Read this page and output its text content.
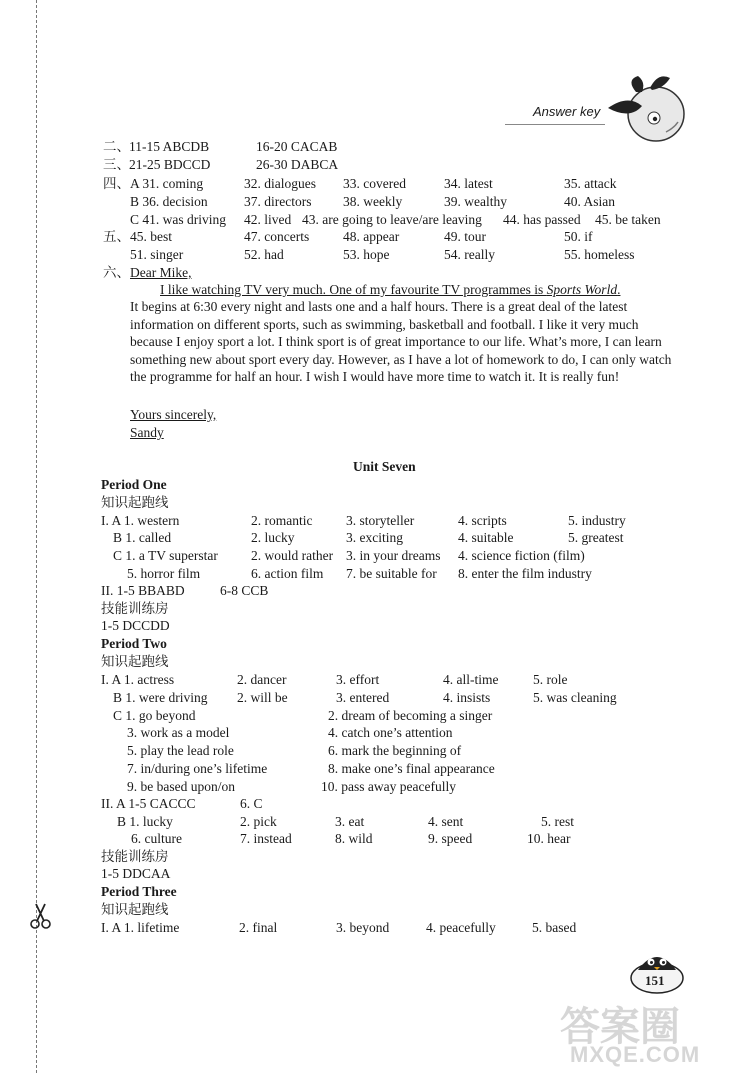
Answer key
二、 11-15 ABCDB	16-20 CACAB
三、 21-25 BDCCD	26-30 DABCA
四、 A 31. coming	32. dialogues 33. covered	34. latest	35. attack
B 36. decision	37. directors 38. weekly	39. wealthy	40. Asian
C 41. was driving 42. lived 43. are going to leave/are leaving 44. has passed 45. be taken
五、 45. best	47. concerts	48. appear	49. tour	50. if
51. singer	52. had	53. hope	54. really	55. homeless
六、 Dear Mike,
I like watching TV very much. One of my favourite TV programmes is Sports World.

It begins at 6:30 every night and lasts one and a half hours. There is a great deal of the latest information on different sports, such as swimming, basketball and football. I like it very much because I enjoy sport a lot. I think sport is of great importance to our life. What’s more, I can learn something new about sport every day. However, as I have a lot of homework to do, I can only watch the programme for half an hour. I wish I would have more time to watch it. It is really fun!

Yours sincerely,
Sandy
Unit Seven
Period One
知识起跑线
I. A 1. western	2. romantic 3. storyteller	4. scripts	5. industry
B 1. called	2. lucky	3. exciting	4. suitable	5. greatest
C 1. a TV superstar 2. would rather 3. in your dreams 4. science fiction (film)
5. horror film	6. action film 7. be suitable for 8. enter the film industry
II. 1-5 BBABD	6-8 CCB
技能训练房
1-5 DCCDD
Period Two
知识起跑线
I. A 1. actress	2. dancer	3. effort	4. all-time	5. role
B 1. were driving 2. will be	3. entered	4. insists	5. was cleaning
C 1. go beyond	2. dream of becoming a singer
3. work as a model	4. catch one’s attention
5. play the lead role	6. mark the beginning of
7. in/during one’s lifetime	8. make one’s final appearance
9. be based upon/on	10. pass away peacefully
II. A 1-5 CACCC	6. C
B 1. lucky	2. pick	3. eat	4. sent	5. rest
6. culture	7. instead	8. wild	9. speed	10. hear
技能训练房
1-5 DDCAA
Period Three
知识起跑线
I. A 1. lifetime	2. final	3. beyond	4. peacefully	5. based
151
答案圈
MXQE.COM
